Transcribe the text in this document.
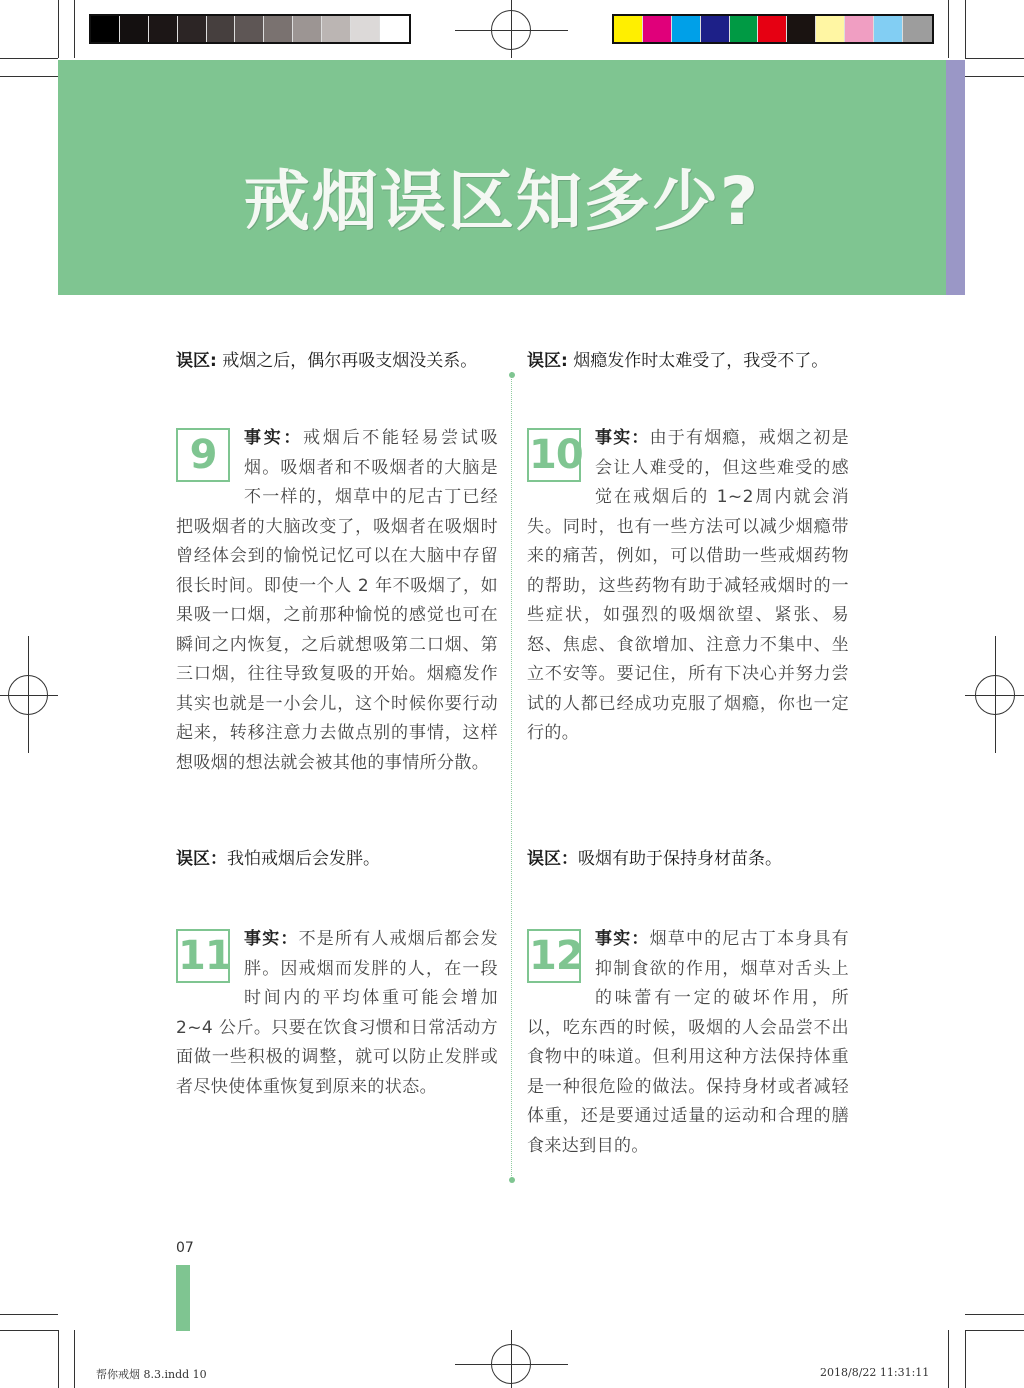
戒烟误区知多少?
误区: 戒烟之后，偶尔再吸支烟没关系。
9	事实：戒烟后不能轻易尝试吸烟。吸烟者和不吸烟者的大脑是不一样的，烟草中的尼古丁已经把吸烟者的大脑改变了，吸烟者在吸烟时曾经体会到的愉悦记忆可以在大脑中存留很长时间。即使一个人 2 年不吸烟了，如果吸一口烟，之前那种愉悦的感觉也可在瞬间之内恢复，之后就想吸第二口烟、第三口烟，往往导致复吸的开始。烟瘾发作其实也就是一小会儿，这个时候你要行动起来，转移注意力去做点别的事情，这样想吸烟的想法就会被其他的事情所分散。
误区: 烟瘾发作时太难受了，我受不了。
10 事实：由于有烟瘾，戒烟之初是会让人难受的，但这些难受的感觉在戒烟后的 1~2周内就会消失。同时，也有一些方法可以减少烟瘾带来的痛苦，例如，可以借助一些戒烟药物的帮助，这些药物有助于减轻戒烟时的一些症状，如强烈的吸烟欲望、紧张、易怒、焦虑、食欲增加、注意力不集中、坐立不安等。要记住，所有下决心并努力尝试的人都已经成功克服了烟瘾，你也一定行的。
误区：我怕戒烟后会发胖。
11 事实：不是所有人戒烟后都会发胖。因戒烟而发胖的人，在一段时间内的平均体重可能会增加 2~4 公斤。只要在饮食习惯和日常活动方面做一些积极的调整，就可以防止发胖或者尽快使体重恢复到原来的状态。
误区：吸烟有助于保持身材苗条。
12 事实：烟草中的尼古丁本身具有抑制食欲的作用，烟草对舌头上的味蕾有一定的破坏作用，所以，吃东西的时候，吸烟的人会品尝不出食物中的味道。但利用这种方法保持体重是一种很危险的做法。保持身材或者减轻体重，还是要通过适量的运动和合理的膳食来达到目的。
07
帮你戒烟 8.3.indd 10	2018/8/22 11:31:11
